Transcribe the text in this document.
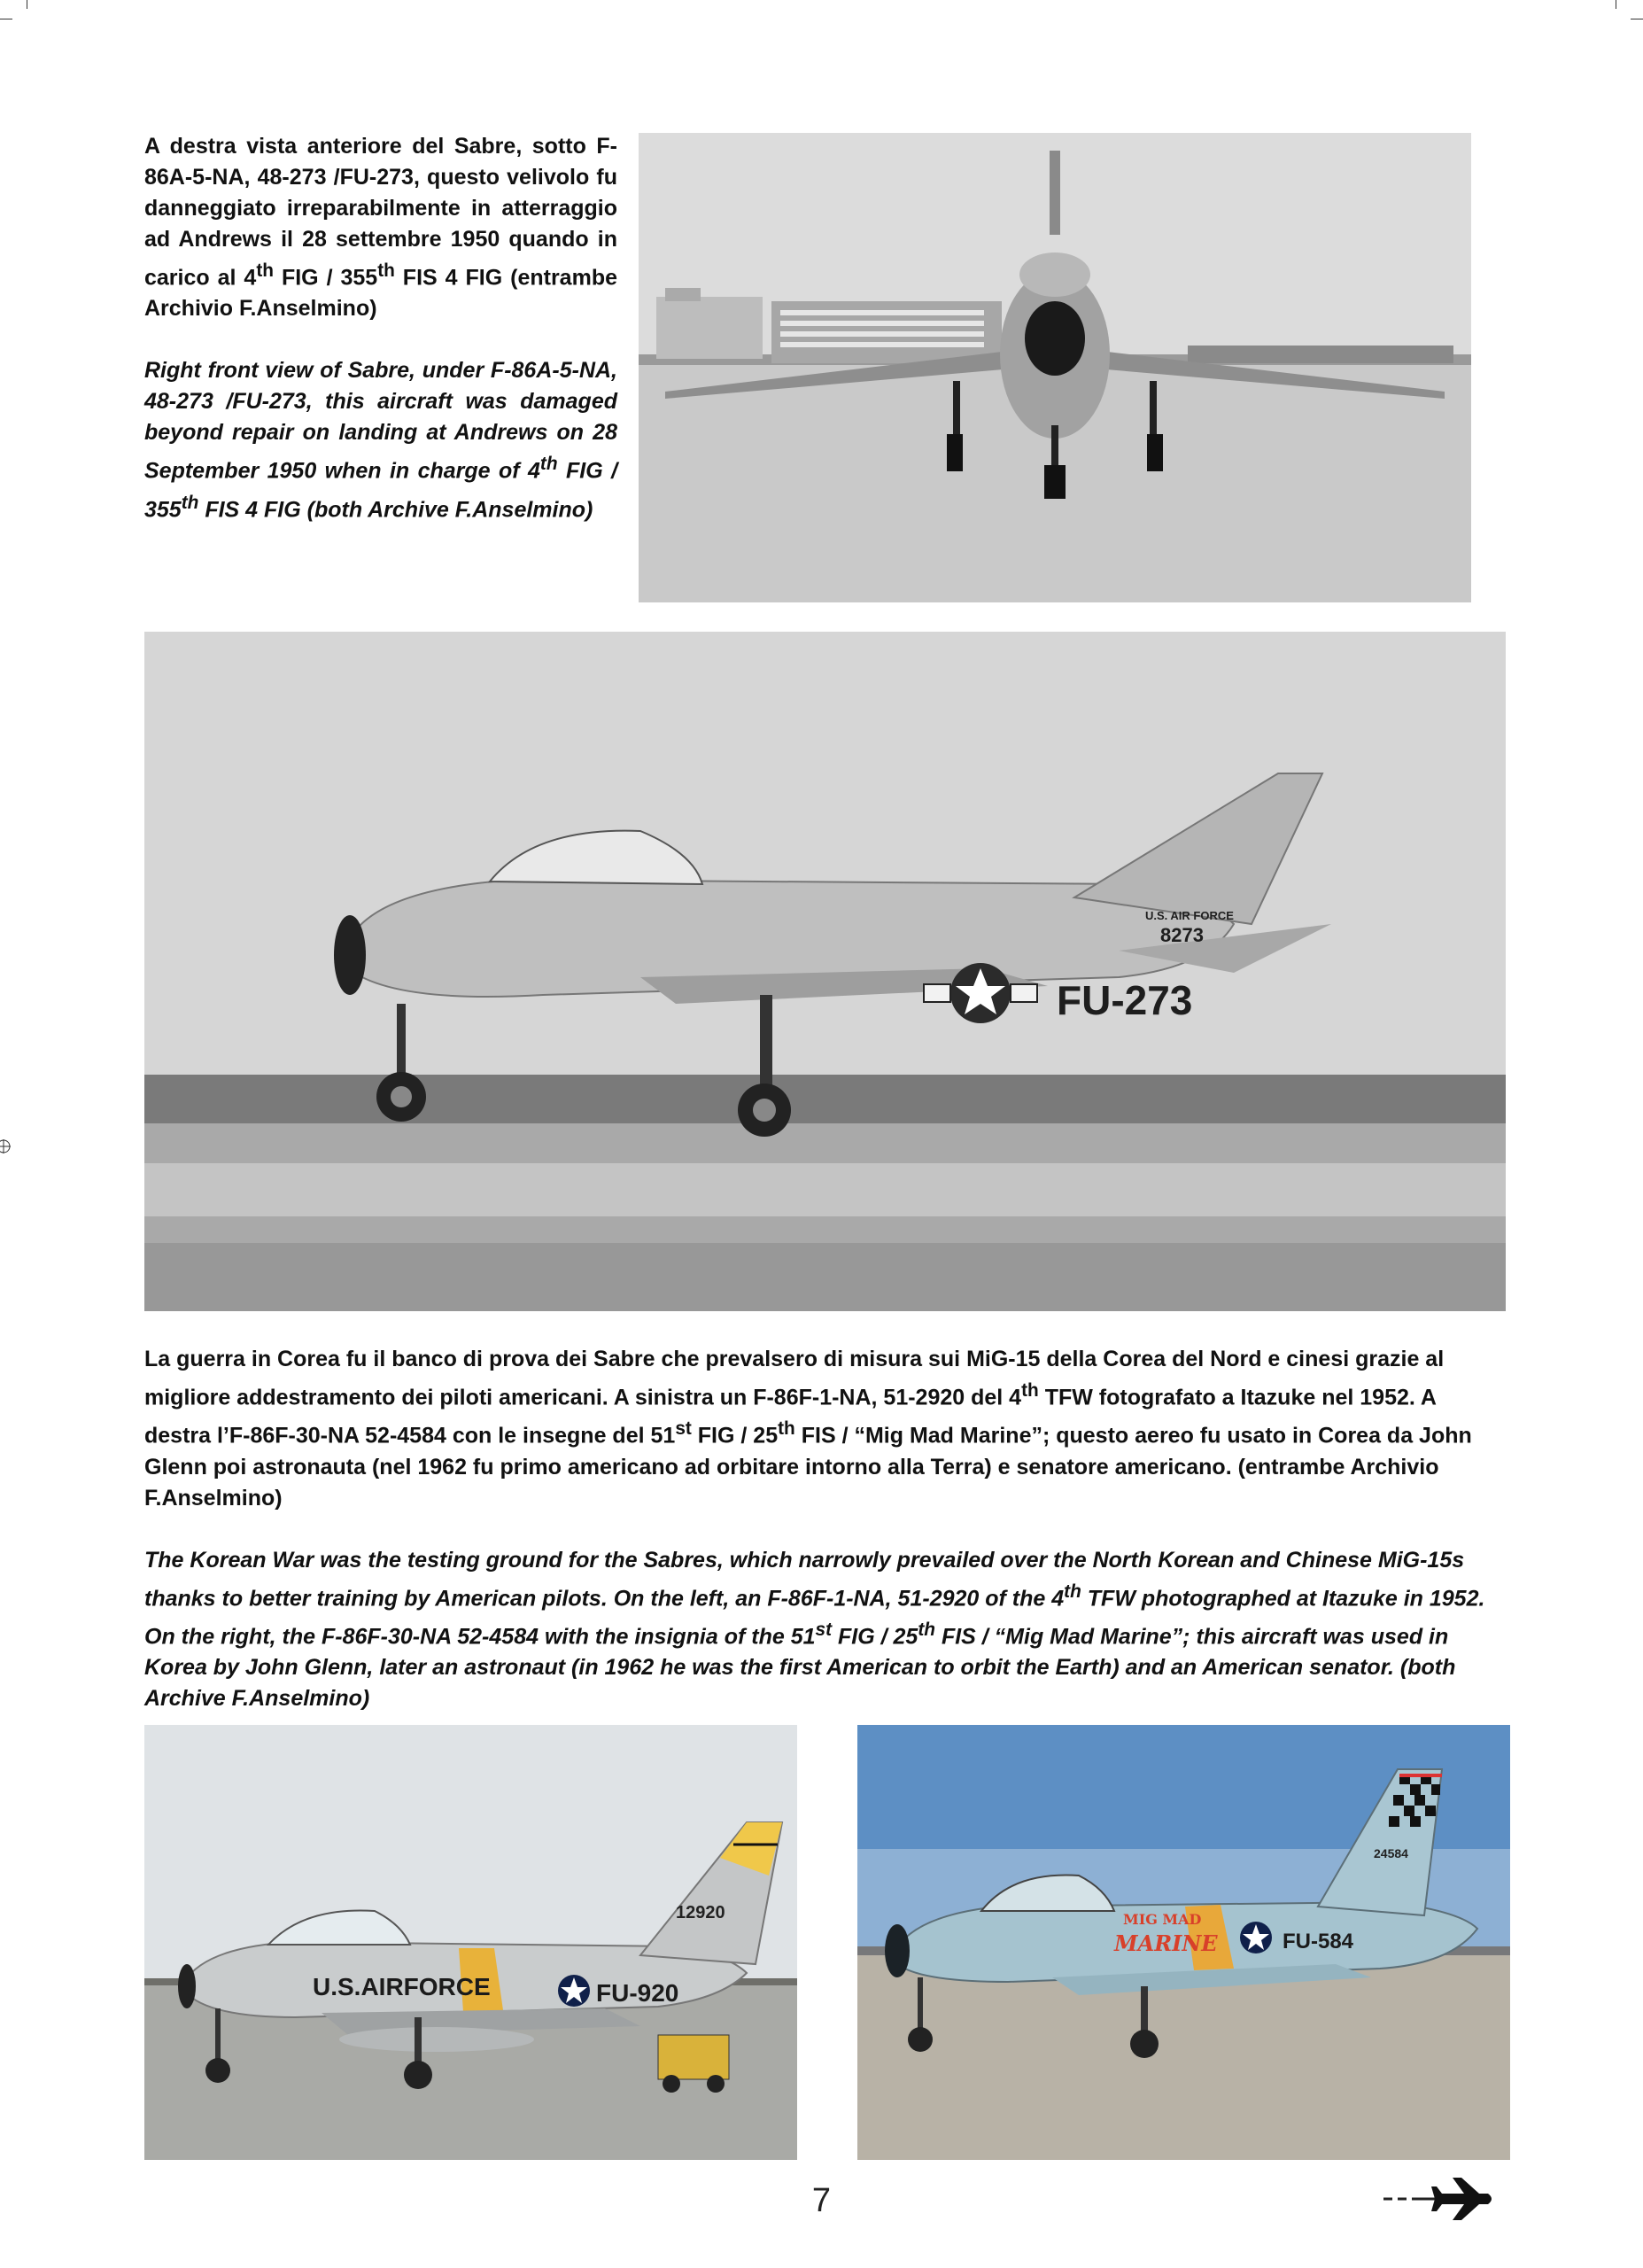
A destra vista anteriore del Sabre, sotto F-86A-5-NA, 48-273 /FU-273, questo velivolo fu danneggiato irreparabilmente in atterraggio ad Andrews il 28 settembre 1950 quando in carico al 4th FIG / 355th FIS 4 FIG (entrambe Archivio F.Anselmino)

Right front view of Sabre, under F-86A-5-NA, 48-273 /FU-273, this aircraft was damaged beyond repair on landing at Andrews on 28 September 1950 when in charge of 4th FIG / 355th FIS 4 FIG (both Archive F.Anselmino)

FU-273
U.S. AIR FORCE
8273

La guerra in Corea fu il banco di prova dei Sabre che prevalsero di misura sui MiG-15 della Corea del Nord e cinesi grazie al migliore addestramento dei piloti americani. A sinistra un F-86F-1-NA, 51-2920 del 4th TFW fotografato a Itazuke nel 1952. A destra l’F-86F-30-NA 52-4584 con le insegne del 51st FIG / 25th FIS / “Mig Mad Marine”; questo aereo fu usato in Corea da John Glenn poi astronauta (nel 1962 fu primo americano ad orbitare intorno alla Terra) e senatore americano. (entrambe Archivio F.Anselmino)

The Korean War was the testing ground for the Sabres, which narrowly prevailed over the North Korean and Chinese MiG-15s thanks to better training by American pilots. On the left, an F-86F-1-NA, 51-2920 of the 4th TFW photographed at Itazuke in 1952. On the right, the F-86F-30-NA 52-4584 with the insignia of the 51st FIG / 25th FIS / “Mig Mad Marine”; this aircraft was used in Korea by John Glenn, later an astronaut (in 1962 he was the first American to orbit the Earth) and an American senator. (both Archive F.Anselmino)

12920
U.S.AIRFORCE	FU-920
24584
MIG MAD
MARINE	FU-584
7
